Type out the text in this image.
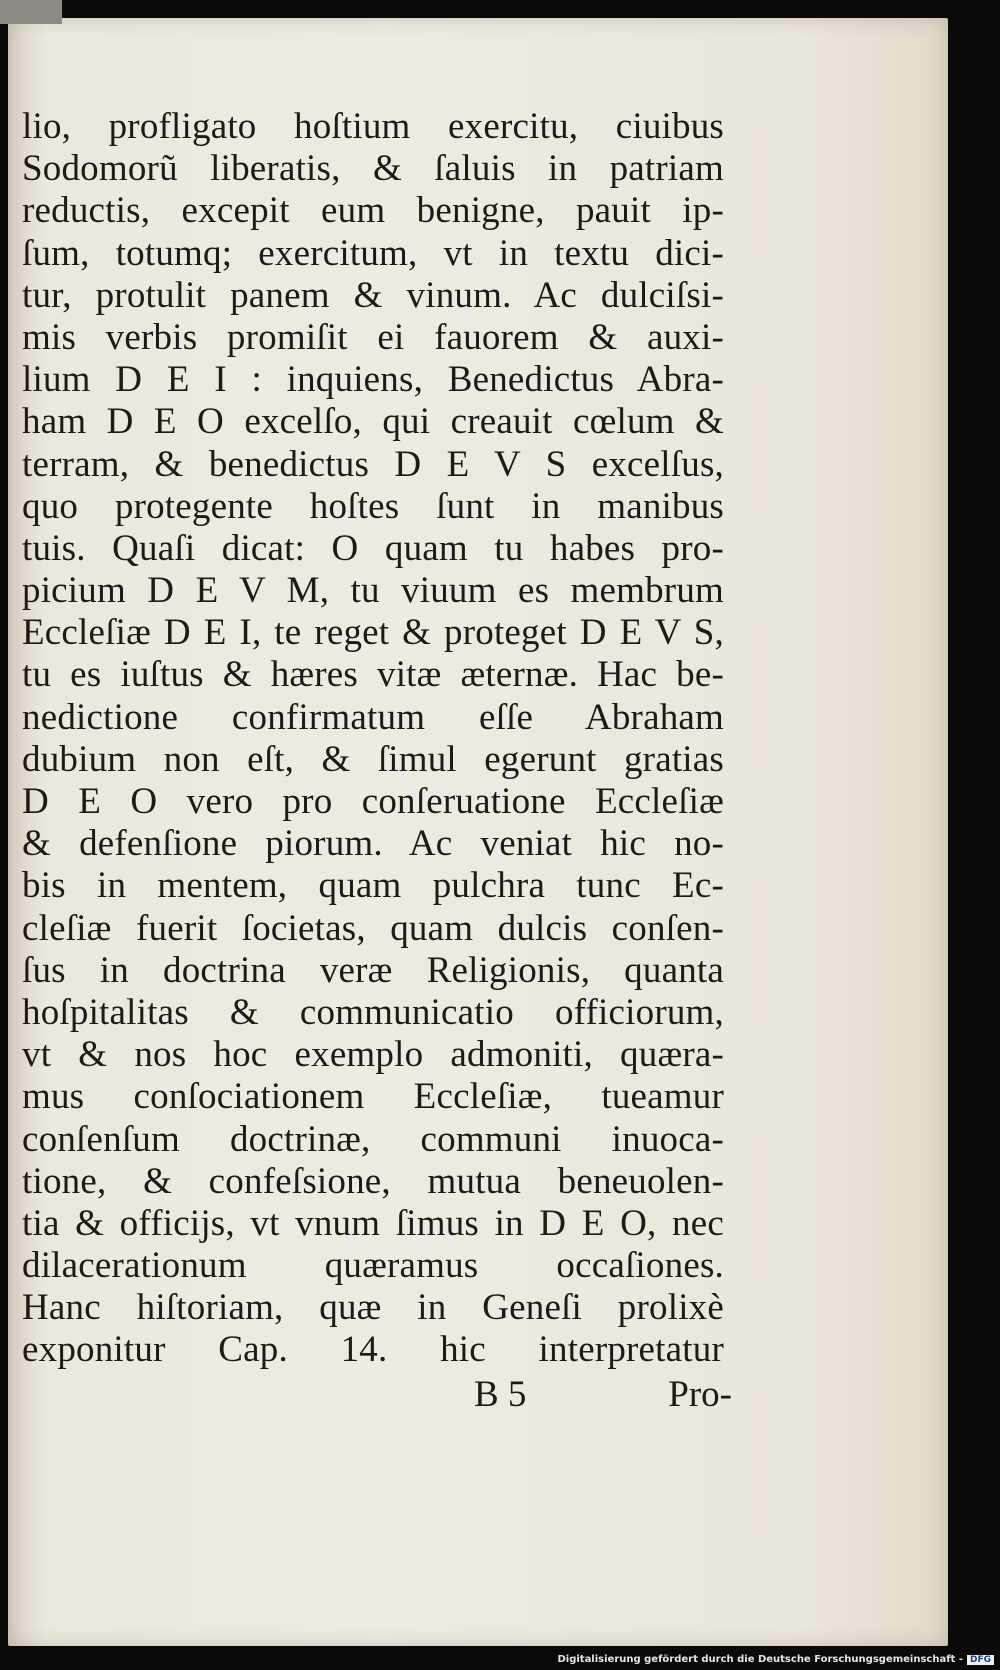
lio, profligato hoſtium exercitu, ciuibus
Sodomorũ liberatis, & ſaluis in patriam
reductis, excepit eum benigne, pauit ip-
ſum, totumq; exercitum, vt in textu dici-
tur, protulit panem & vinum. Ac dulciſsi-
mis verbis promiſit ei fauorem & auxi-
lium D E I : inquiens, Benedictus Abra-
ham D E O excelſo, qui creauit cœlum &
terram, & benedictus D E V S excelſus,
quo protegente hoſtes ſunt in manibus
tuis. Quaſi dicat: O quam tu habes pro-
picium D E V M, tu viuum es membrum
Eccleſiæ D E I, te reget & proteget D E V S,
tu es iuſtus & hæres vitæ æternæ. Hac be-
nedictione confirmatum eſſe Abraham
dubium non eſt, & ſimul egerunt gratias
D E O vero pro conſeruatione Eccleſiæ
& defenſione piorum. Ac veniat hic no-
bis in mentem, quam pulchra tunc Ec-
cleſiæ fuerit ſocietas, quam dulcis conſen-
ſus in doctrina veræ Religionis, quanta
hoſpitalitas & communicatio officiorum,
vt & nos hoc exemplo admoniti, quæra-
mus conſociationem Eccleſiæ, tueamur
conſenſum doctrinæ, communi inuoca-
tione, & confeſsione, mutua beneuolen-
tia & officijs, vt vnum ſimus in D E O, nec
dilacerationum quæramus occaſiones.
Hanc hiſtoriam, quæ in Geneſi prolixè
exponitur Cap. 14. hic interpretatur
B 5	Pro-
Digitalisierung gefördert durch die Deutsche Forschungsgemeinschaft - DFG
